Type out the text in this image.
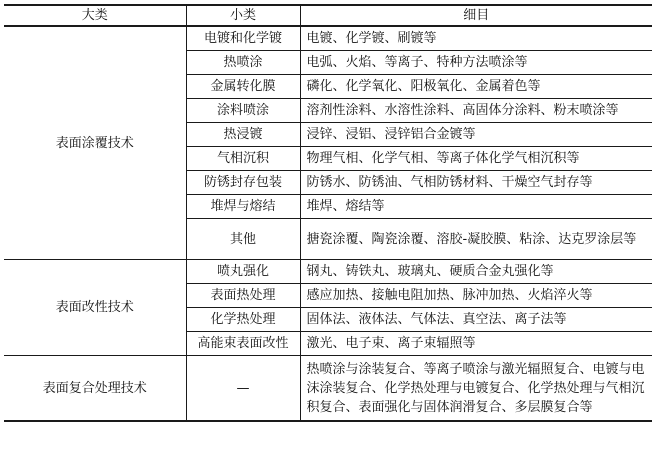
大类	小类	细目
表面涂覆技术	电镀和化学镀	电镀、化学镀、刷镀等
	热喷涂	电弧、火焰、等离子、特种方法喷涂等
	金属转化膜	磷化、化学氧化、阳极氧化、金属着色等
	涂料喷涂	溶剂性涂料、水溶性涂料、高固体分涂料、粉末喷涂等
	热浸镀	浸锌、浸铝、浸锌铝合金镀等
	气相沉积	物理气相、化学气相、等离子体化学气相沉积等
	防锈封存包装	防锈水、防锈油、气相防锈材料、干燥空气封存等
	堆焊与熔结	堆焊、熔结等
	其他	搪瓷涂覆、陶瓷涂覆、溶胶-凝胶膜、粘涂、达克罗涂层等
表面改性技术	喷丸强化	钢丸、铸铁丸、玻璃丸、硬质合金丸强化等
	表面热处理	感应加热、接触电阻加热、脉冲加热、火焰淬火等
	化学热处理	固体法、液体法、气体法、真空法、离子法等
	高能束表面改性	激光、电子束、离子束辐照等
表面复合处理技术	—	热喷涂与涂装复合、等离子喷涂与激光辐照复合、电镀与电沫涂装复合、化学热处理与电镀复合、化学热处理与气相沉积复合、表面强化与固体润滑复合、多层膜复合等
